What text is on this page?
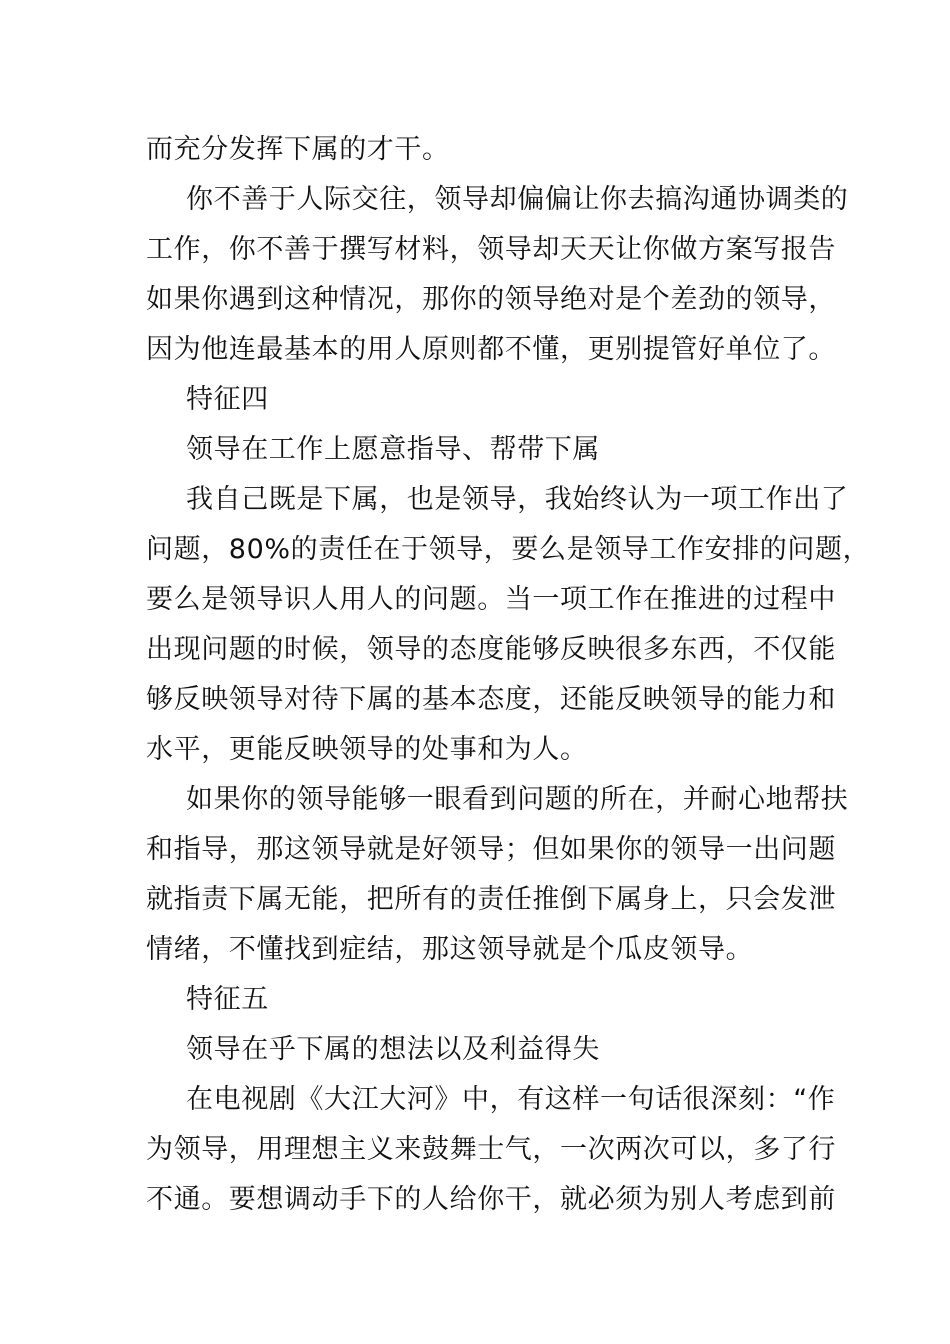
而充分发挥下属的才干。
你不善于人际交往，领导却偏偏让你去搞沟通协调类的
工作，你不善于撰写材料，领导却天天让你做方案写报告
如果你遇到这种情况，那你的领导绝对是个差劲的领导，
因为他连最基本的用人原则都不懂，更别提管好单位了。
特征四
领导在工作上愿意指导、帮带下属
我自己既是下属，也是领导，我始终认为一项工作出了
问题，80%的责任在于领导，要么是领导工作安排的问题，
要么是领导识人用人的问题。当一项工作在推进的过程中
出现问题的时候，领导的态度能够反映很多东西，不仅能
够反映领导对待下属的基本态度，还能反映领导的能力和
水平，更能反映领导的处事和为人。
如果你的领导能够一眼看到问题的所在，并耐心地帮扶
和指导，那这领导就是好领导；但如果你的领导一出问题
就指责下属无能，把所有的责任推倒下属身上，只会发泄
情绪，不懂找到症结，那这领导就是个瓜皮领导。
特征五
领导在乎下属的想法以及利益得失
在电视剧《大江大河》中，有这样一句话很深刻：“作
为领导，用理想主义来鼓舞士气，一次两次可以，多了行
不通。要想调动手下的人给你干，就必须为别人考虑到前
